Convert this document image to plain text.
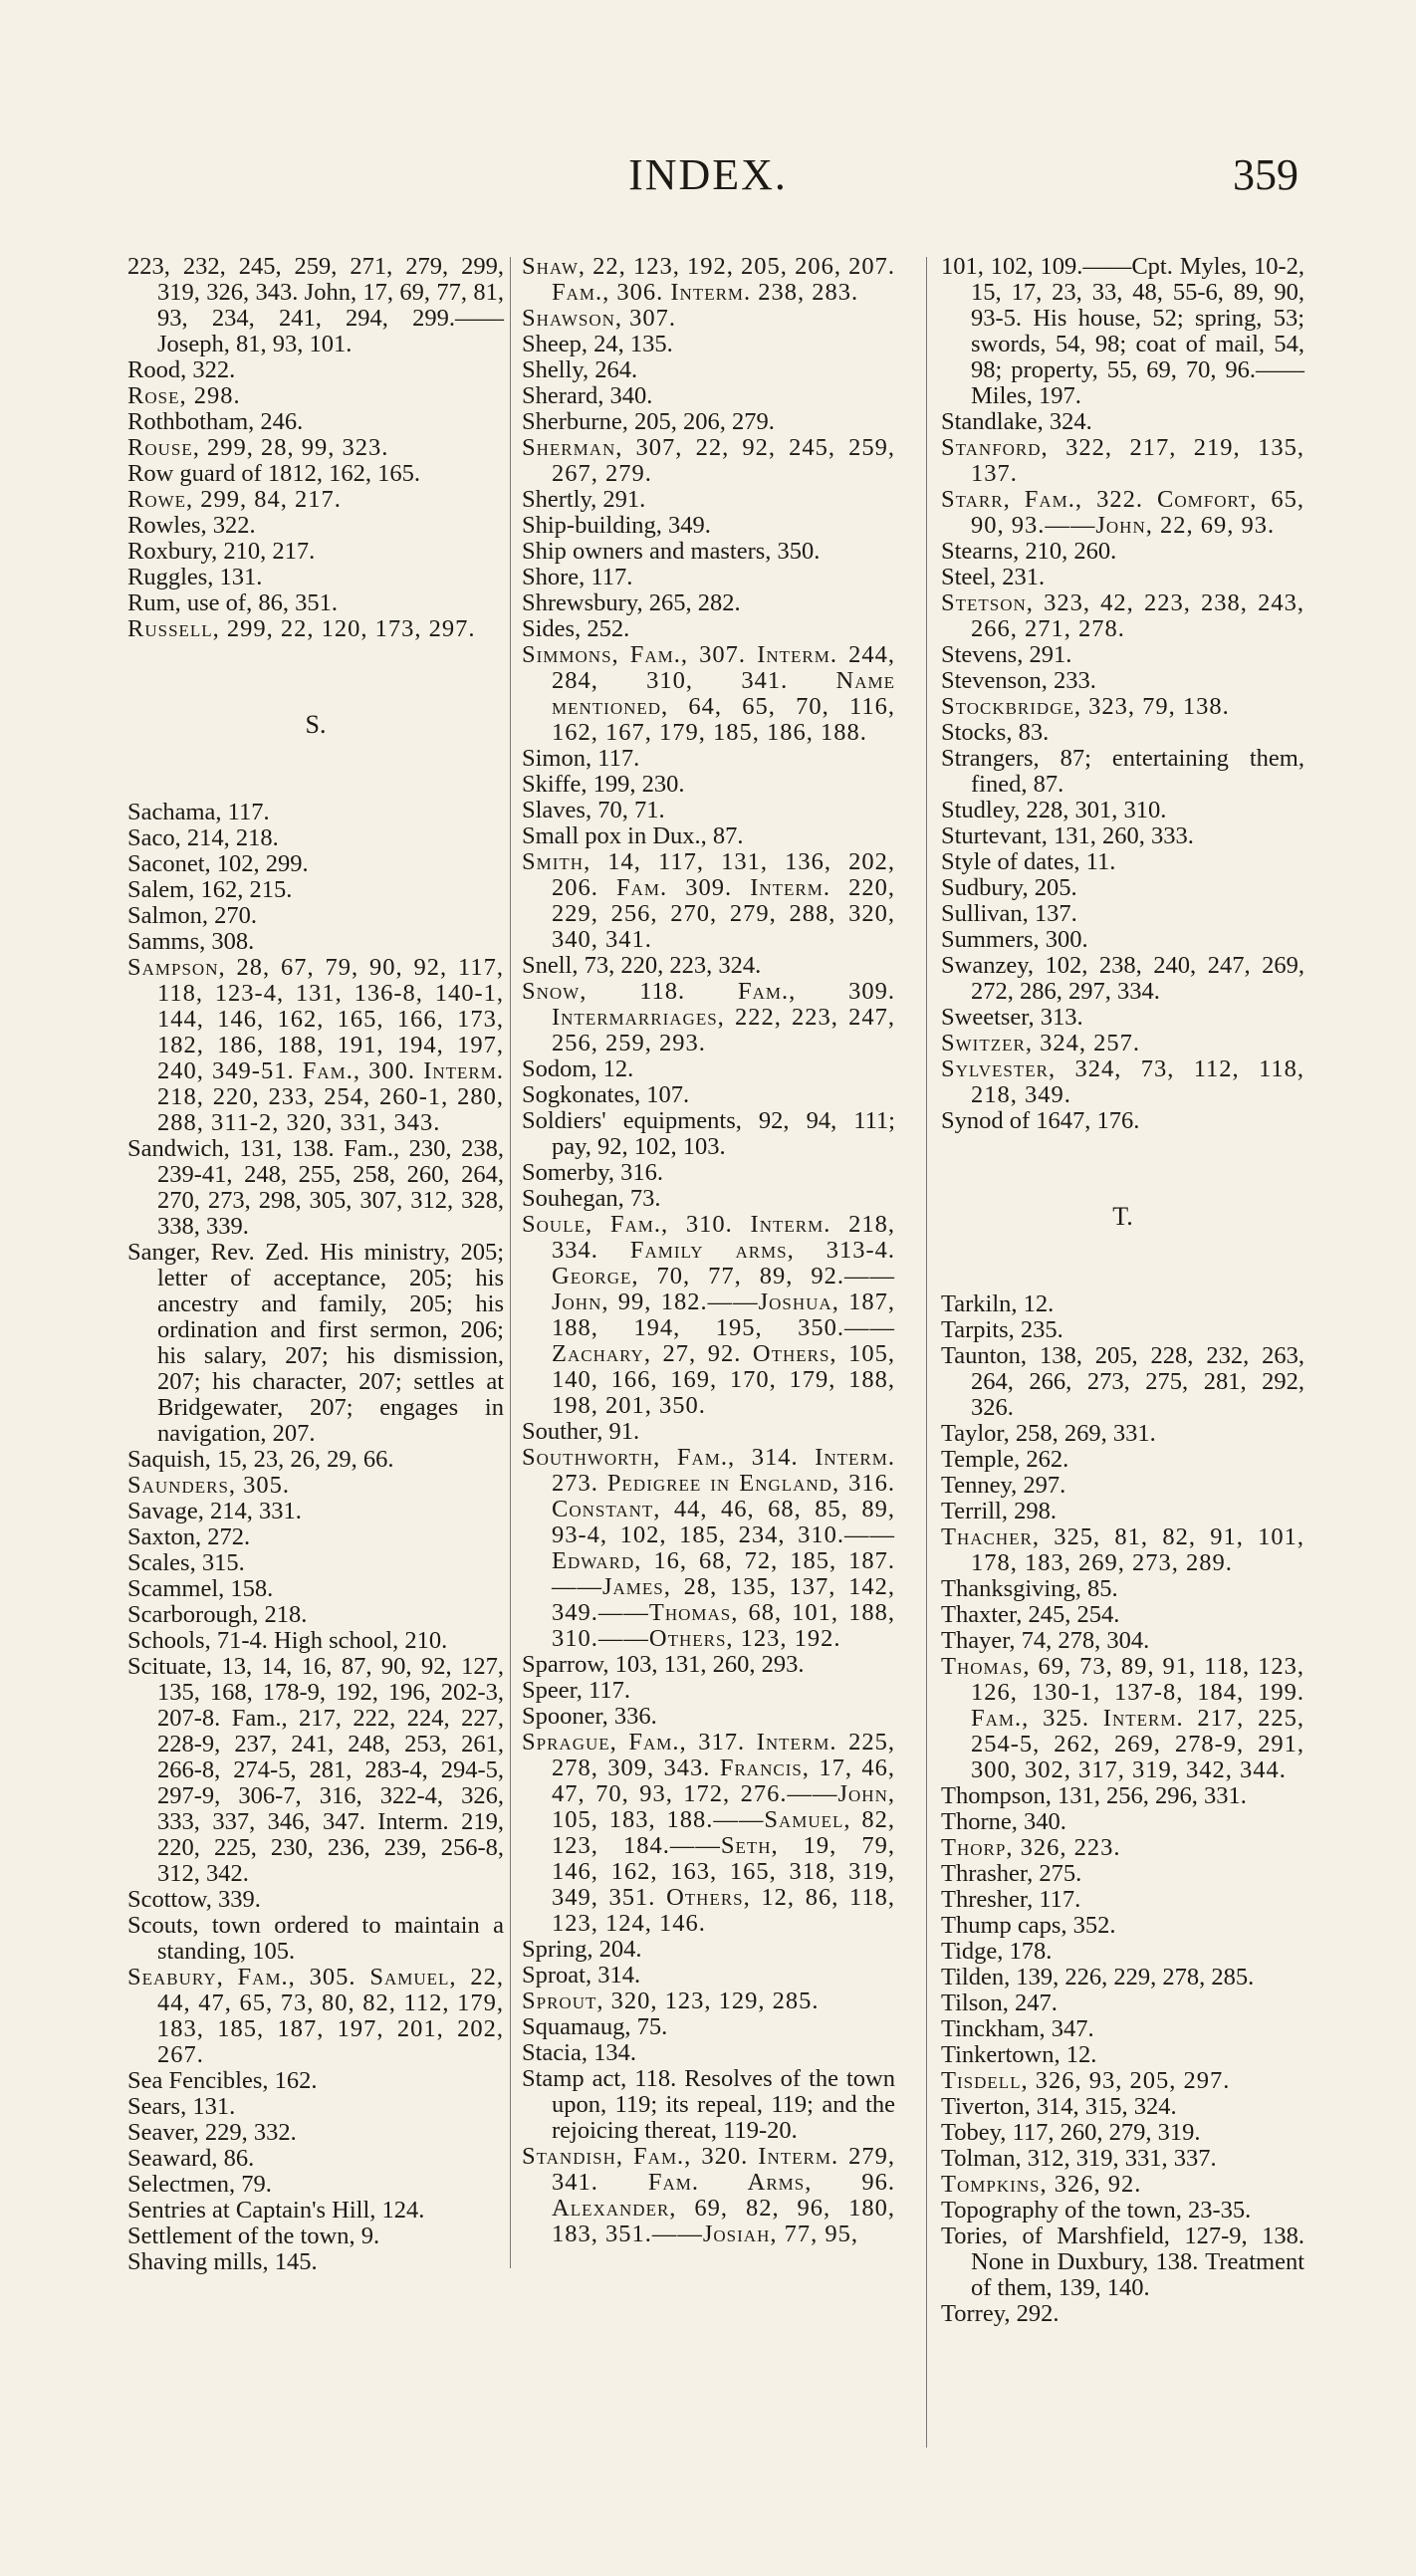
INDEX.	359

223, 232, 245, 259, 271, 279, 299, 319, 326, 343. John, 17, 69, 77, 81, 93, 234, 241, 294, 299.——Joseph, 81, 93, 101.

Rood, 322.

Rose, 298.

Rothbotham, 246.

Rouse, 299, 28, 99, 323.

Row guard of 1812, 162, 165.

Rowe, 299, 84, 217.

Rowles, 322.

Roxbury, 210, 217.

Ruggles, 131.

Rum, use of, 86, 351.

Russell, 299, 22, 120, 173, 297.

S.

Sachama, 117.

Saco, 214, 218.

Saconet, 102, 299.

Salem, 162, 215.

Salmon, 270.

Samms, 308.

Sampson, 28, 67, 79, 90, 92, 117, 118, 123-4, 131, 136-8, 140-1, 144, 146, 162, 165, 166, 173, 182, 186, 188, 191, 194, 197, 240, 349-51. Fam., 300. Interm. 218, 220, 233, 254, 260-1, 280, 288, 311-2, 320, 331, 343.

Sandwich, 131, 138. Fam., 230, 238, 239-41, 248, 255, 258, 260, 264, 270, 273, 298, 305, 307, 312, 328, 338, 339.

Sanger, Rev. Zed. His ministry, 205; letter of acceptance, 205; his ancestry and family, 205; his ordination and first sermon, 206; his salary, 207; his dismission, 207; his character, 207; settles at Bridgewater, 207; engages in navigation, 207.

Saquish, 15, 23, 26, 29, 66.

Saunders, 305.

Savage, 214, 331.

Saxton, 272.

Scales, 315.

Scammel, 158.

Scarborough, 218.

Schools, 71-4. High school, 210.

Scituate, 13, 14, 16, 87, 90, 92, 127, 135, 168, 178-9, 192, 196, 202-3, 207-8. Fam., 217, 222, 224, 227, 228-9, 237, 241, 248, 253, 261, 266-8, 274-5, 281, 283-4, 294-5, 297-9, 306-7, 316, 322-4, 326, 333, 337, 346, 347. Interm. 219, 220, 225, 230, 236, 239, 256-8, 312, 342.

Scottow, 339.

Scouts, town ordered to maintain a standing, 105.

Seabury, Fam., 305. Samuel, 22, 44, 47, 65, 73, 80, 82, 112, 179, 183, 185, 187, 197, 201, 202, 267.

Sea Fencibles, 162.

Sears, 131.

Seaver, 229, 332.

Seaward, 86.

Selectmen, 79.

Sentries at Captain's Hill, 124.

Settlement of the town, 9.

Shaving mills, 145.

Shaw, 22, 123, 192, 205, 206, 207. Fam., 306. Interm. 238, 283.

Shawson, 307.

Sheep, 24, 135.

Shelly, 264.

Sherard, 340.

Sherburne, 205, 206, 279.

Sherman, 307, 22, 92, 245, 259, 267, 279.

Shertly, 291.

Ship-building, 349.

Ship owners and masters, 350.

Shore, 117.

Shrewsbury, 265, 282.

Sides, 252.

Simmons, Fam., 307. Interm. 244, 284, 310, 341. Name mentioned, 64, 65, 70, 116, 162, 167, 179, 185, 186, 188.

Simon, 117.

Skiffe, 199, 230.

Slaves, 70, 71.

Small pox in Dux., 87.

Smith, 14, 117, 131, 136, 202, 206. Fam. 309. Interm. 220, 229, 256, 270, 279, 288, 320, 340, 341.

Snell, 73, 220, 223, 324.

Snow, 118. Fam., 309. Intermarriages, 222, 223, 247, 256, 259, 293.

Sodom, 12.

Sogkonates, 107.

Soldiers' equipments, 92, 94, 111; pay, 92, 102, 103.

Somerby, 316.

Souhegan, 73.

Soule, Fam., 310. Interm. 218, 334. Family arms, 313-4. George, 70, 77, 89, 92.——John, 99, 182.——Joshua, 187, 188, 194, 195, 350.——Zachary, 27, 92. Others, 105, 140, 166, 169, 170, 179, 188, 198, 201, 350.

Souther, 91.

Southworth, Fam., 314. Interm. 273. Pedigree in England, 316. Constant, 44, 46, 68, 85, 89, 93-4, 102, 185, 234, 310.——Edward, 16, 68, 72, 185, 187.——James, 28, 135, 137, 142, 349.——Thomas, 68, 101, 188, 310.——Others, 123, 192.

Sparrow, 103, 131, 260, 293.

Speer, 117.

Spooner, 336.

Sprague, Fam., 317. Interm. 225, 278, 309, 343. Francis, 17, 46, 47, 70, 93, 172, 276.——John, 105, 183, 188.——Samuel, 82, 123, 184.——Seth, 19, 79, 146, 162, 163, 165, 318, 319, 349, 351. Others, 12, 86, 118, 123, 124, 146.

Spring, 204.

Sproat, 314.

Sprout, 320, 123, 129, 285.

Squamaug, 75.

Stacia, 134.

Stamp act, 118. Resolves of the town upon, 119; its repeal, 119; and the rejoicing thereat, 119-20.

Standish, Fam., 320. Interm. 279, 341. Fam. Arms, 96. Alexander, 69, 82, 96, 180, 183, 351.——Josiah, 77, 95,

101, 102, 109.——Cpt. Myles, 10-2, 15, 17, 23, 33, 48, 55-6, 89, 90, 93-5. His house, 52; spring, 53; swords, 54, 98; coat of mail, 54, 98; property, 55, 69, 70, 96.——Miles, 197.

Standlake, 324.

Stanford, 322, 217, 219, 135, 137.

Starr, Fam., 322. Comfort, 65, 90, 93.——John, 22, 69, 93.

Stearns, 210, 260.

Steel, 231.

Stetson, 323, 42, 223, 238, 243, 266, 271, 278.

Stevens, 291.

Stevenson, 233.

Stockbridge, 323, 79, 138.

Stocks, 83.

Strangers, 87; entertaining them, fined, 87.

Studley, 228, 301, 310.

Sturtevant, 131, 260, 333.

Style of dates, 11.

Sudbury, 205.

Sullivan, 137.

Summers, 300.

Swanzey, 102, 238, 240, 247, 269, 272, 286, 297, 334.

Sweetser, 313.

Switzer, 324, 257.

Sylvester, 324, 73, 112, 118, 218, 349.

Synod of 1647, 176.

T.

Tarkiln, 12.

Tarpits, 235.

Taunton, 138, 205, 228, 232, 263, 264, 266, 273, 275, 281, 292, 326.

Taylor, 258, 269, 331.

Temple, 262.

Tenney, 297.

Terrill, 298.

Thacher, 325, 81, 82, 91, 101, 178, 183, 269, 273, 289.

Thanksgiving, 85.

Thaxter, 245, 254.

Thayer, 74, 278, 304.

Thomas, 69, 73, 89, 91, 118, 123, 126, 130-1, 137-8, 184, 199. Fam., 325. Interm. 217, 225, 254-5, 262, 269, 278-9, 291, 300, 302, 317, 319, 342, 344.

Thompson, 131, 256, 296, 331.

Thorne, 340.

Thorp, 326, 223.

Thrasher, 275.

Thresher, 117.

Thump caps, 352.

Tidge, 178.

Tilden, 139, 226, 229, 278, 285.

Tilson, 247.

Tinckham, 347.

Tinkertown, 12.

Tisdell, 326, 93, 205, 297.

Tiverton, 314, 315, 324.

Tobey, 117, 260, 279, 319.

Tolman, 312, 319, 331, 337.

Tompkins, 326, 92.

Topography of the town, 23-35.

Tories, of Marshfield, 127-9, 138. None in Duxbury, 138. Treatment of them, 139, 140.

Torrey, 292.
